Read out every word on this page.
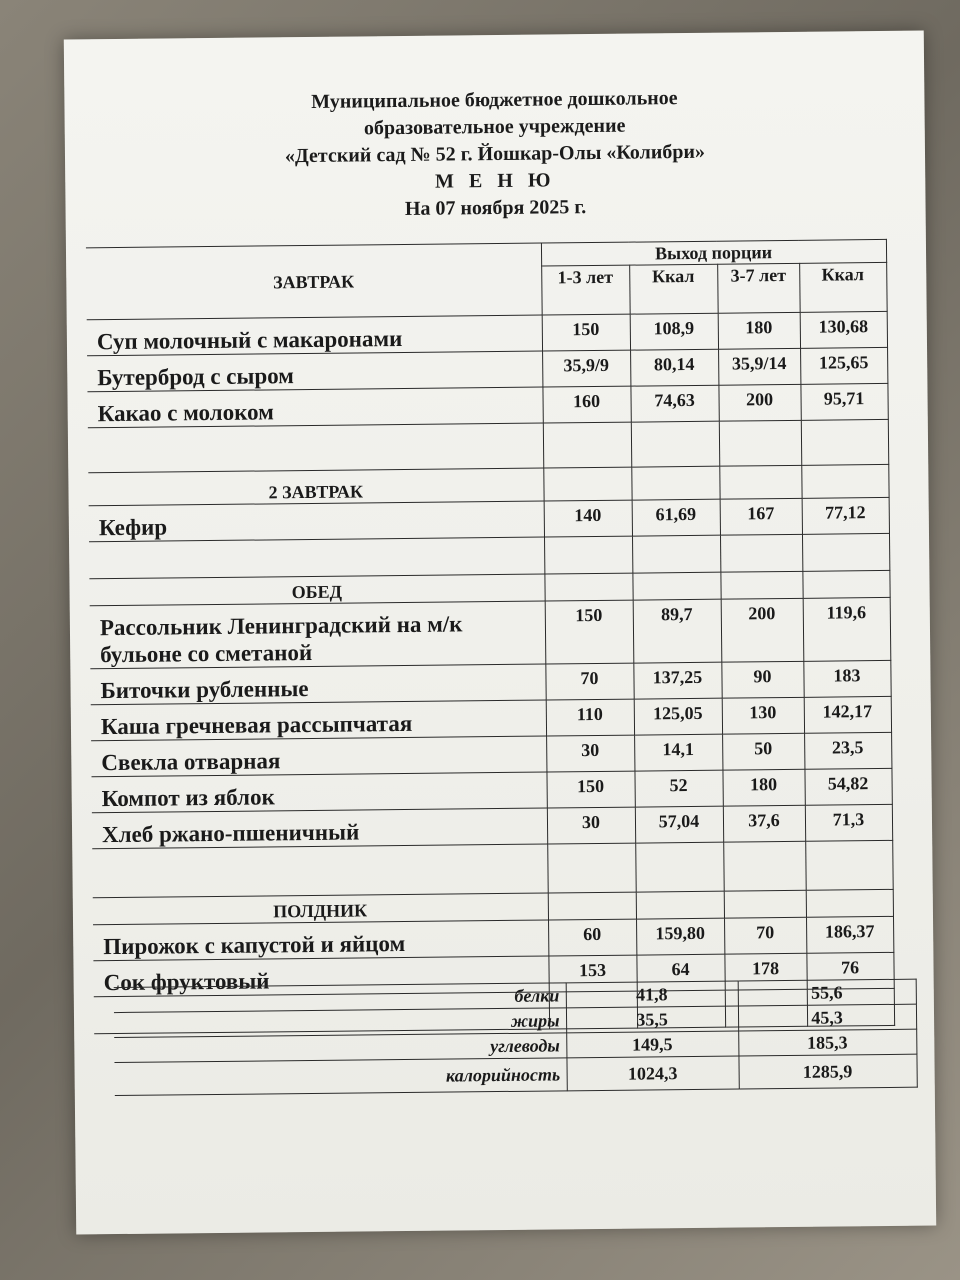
Муниципальное бюджетное дошкольное
образовательное учреждение
«Детский сад № 52 г. Йошкар-Олы «Колибри»
М Е Н Ю
На 07 ноября 2025 г.
ЗАВТРАК	Выход порции			
	1-3 лет	Ккал	3-7 лет	Ккал
Суп молочный с макаронами	150	108,9	180	130,68
Бутерброд с сыром	35,9/9	80,14	35,9/14	125,65
Какао с молоком	160	74,63	200	95,71

2 ЗАВТРАК				
Кефир	140	61,69	167	77,12

ОБЕД				
Рассольник Ленинградский на м/к бульоне со сметаной	150	89,7	200	119,6
Биточки рубленные	70	137,25	90	183
Каша гречневая рассыпчатая	110	125,05	130	142,17
Свекла отварная	30	14,1	50	23,5
Компот из яблок	150	52	180	54,82
Хлеб ржано-пшеничный	30	57,04	37,6	71,3

ПОЛДНИК				
Пирожок с капустой и яйцом	60	159,80	70	186,37
Сок фруктовый	153	64	178	76

белки	41,8	55,6
жиры	35,5	45,3
углеводы	149,5	185,3
калорийность	1024,3	1285,9
